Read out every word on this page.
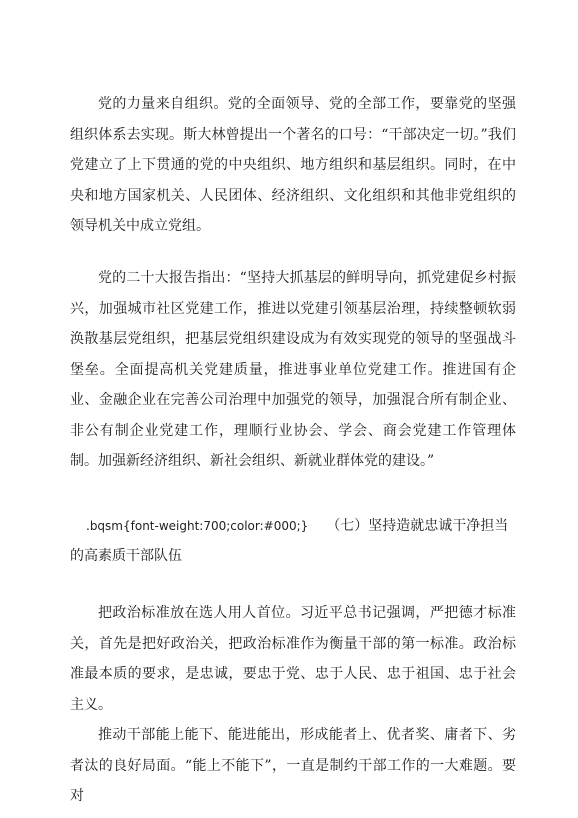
党的力量来自组织。党的全面领导、党的全部工作，要靠党的坚强组织体系去实现。斯大林曾提出一个著名的口号：“干部决定一切。”我们党建立了上下贯通的党的中央组织、地方组织和基层组织。同时，在中央和地方国家机关、人民团体、经济组织、文化组织和其他非党组织的领导机关中成立党组。

党的二十大报告指出：“坚持大抓基层的鲜明导向，抓党建促乡村振兴，加强城市社区党建工作，推进以党建引领基层治理，持续整顿软弱涣散基层党组织，把基层党组织建设成为有效实现党的领导的坚强战斗堡垒。全面提高机关党建质量，推进事业单位党建工作。推进国有企业、金融企业在完善公司治理中加强党的领导，加强混合所有制企业、非公有制企业党建工作，理顺行业协会、学会、商会党建工作管理体制。加强新经济组织、新社会组织、新就业群体党的建设。”

.bqsm{font-weight:700;color:#000;} （七）坚持造就忠诚干净担当的高素质干部队伍

把政治标准放在选人用人首位。习近平总书记强调，严把德才标准关，首先是把好政治关，把政治标准作为衡量干部的第一标准。政治标准最本质的要求，是忠诚，要忠于党、忠于人民、忠于祖国、忠于社会主义。

推动干部能上能下、能进能出，形成能者上、优者奖、庸者下、劣者汰的良好局面。“能上不能下”，一直是制约干部工作的一大难题。要对
